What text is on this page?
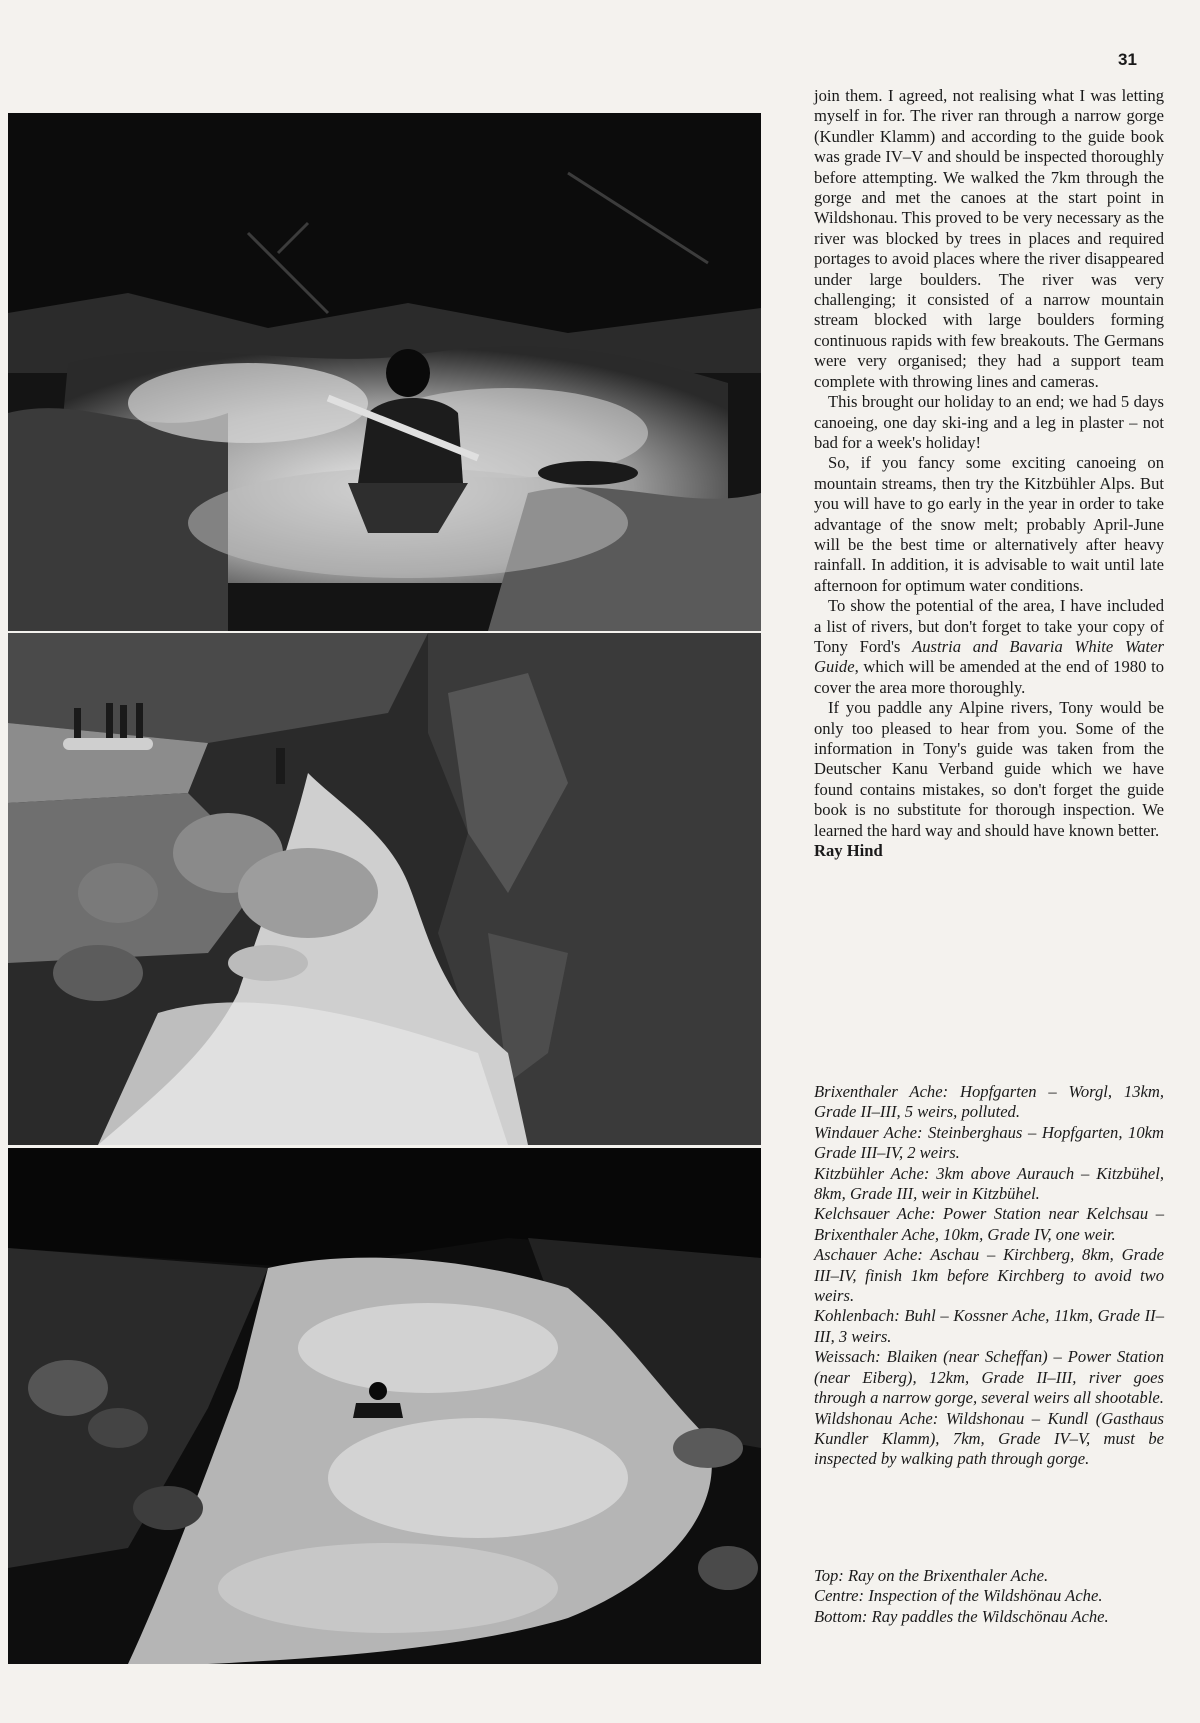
31

join them. I agreed, not realising what I was letting myself in for. The river ran through a narrow gorge (Kundler Klamm) and according to the guide book was grade IV–V and should be inspected thoroughly before attempting. We walked the 7km through the gorge and met the canoes at the start point in Wildshonau. This proved to be very necessary as the river was blocked by trees in places and required portages to avoid places where the river disappeared under large boulders. The river was very challenging; it consisted of a narrow mountain stream blocked with large boulders forming continuous rapids with few breakouts. The Germans were very organised; they had a support team complete with throwing lines and cameras.

This brought our holiday to an end; we had 5 days canoeing, one day ski-ing and a leg in plaster – not bad for a week's holiday!

So, if you fancy some exciting canoeing on mountain streams, then try the Kitzbühler Alps. But you will have to go early in the year in order to take advantage of the snow melt; probably April-June will be the best time or alternatively after heavy rainfall. In addition, it is advisable to wait until late afternoon for optimum water conditions.

To show the potential of the area, I have included a list of rivers, but don't forget to take your copy of Tony Ford's Austria and Bavaria White Water Guide, which will be amended at the end of 1980 to cover the area more thoroughly.

If you paddle any Alpine rivers, Tony would be only too pleased to hear from you. Some of the information in Tony's guide was taken from the Deutscher Kanu Verband guide which we have found contains mistakes, so don't forget the guide book is no substitute for thorough inspection. We learned the hard way and should have known better.

Ray Hind

Brixenthaler Ache: Hopfgarten – Worgl, 13km, Grade II–III, 5 weirs, polluted.

Windauer Ache: Steinberghaus – Hopfgarten, 10km Grade III–IV, 2 weirs.

Kitzbühler Ache: 3km above Aurauch – Kitzbühel, 8km, Grade III, weir in Kitzbühel.

Kelchsauer Ache: Power Station near Kelchsau – Brixenthaler Ache, 10km, Grade IV, one weir.

Aschauer Ache: Aschau – Kirchberg, 8km, Grade III–IV, finish 1km before Kirchberg to avoid two weirs.

Kohlenbach: Buhl – Kossner Ache, 11km, Grade II–III, 3 weirs.

Weissach: Blaiken (near Scheffan) – Power Station (near Eiberg), 12km, Grade II–III, river goes through a narrow gorge, several weirs all shootable.

Wildshonau Ache: Wildshonau – Kundl (Gasthaus Kundler Klamm), 7km, Grade IV–V, must be inspected by walking path through gorge.

Top: Ray on the Brixenthaler Ache.

Centre: Inspection of the Wildshönau Ache.

Bottom: Ray paddles the Wildschönau Ache.
